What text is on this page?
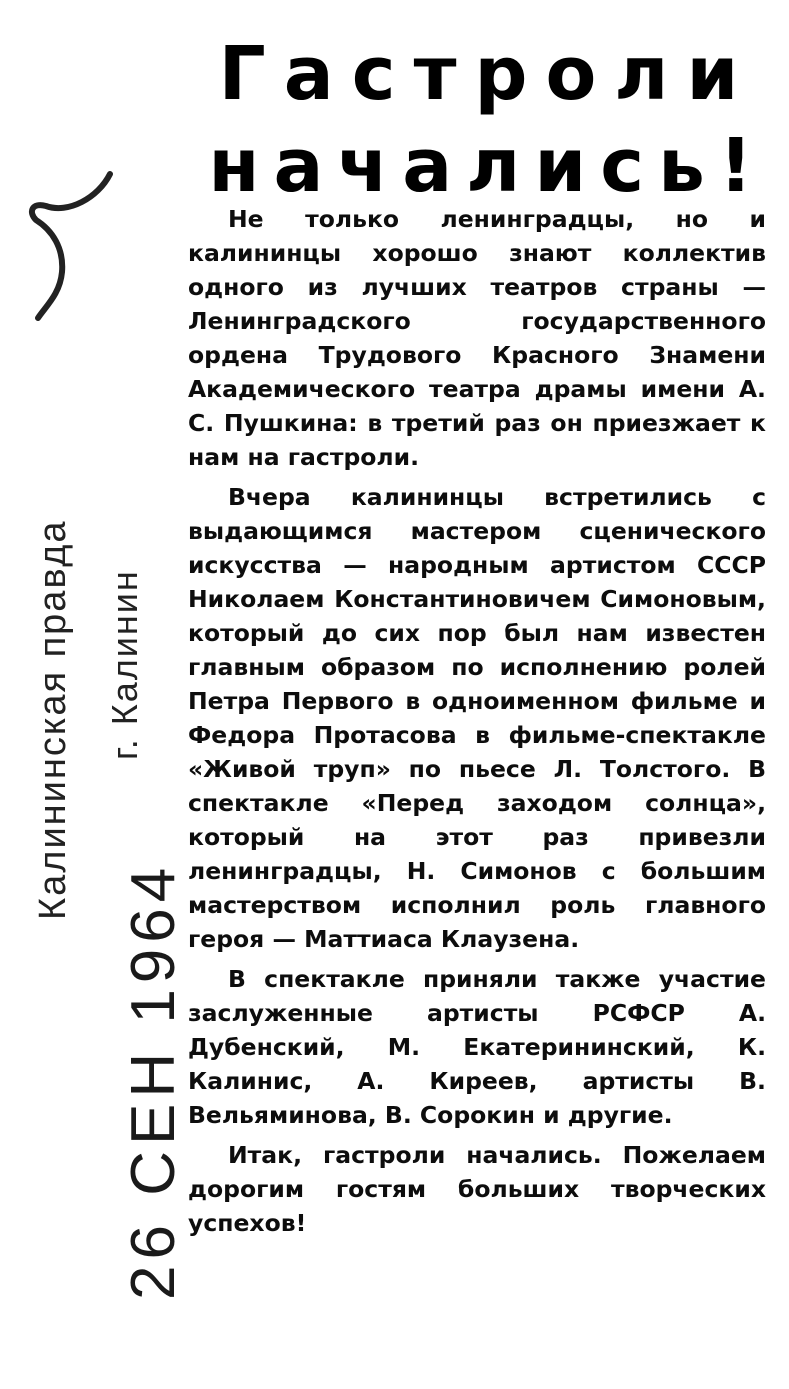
Калининская правда г. Калинин
26 СЕН 1964
Гастроли
начались!

Не только ленинградцы, но и калининцы хорошо знают коллектив одного из лучших театров страны — Ленинградского государственного ордена Трудового Красного Знамени Академического театра драмы имени А. С. Пушкина: в третий раз он приезжает к нам на гастроли.

Вчера калининцы встретились с выдающимся мастером сценического искусства — народным артистом СССР Николаем Константиновичем Симоновым, который до сих пор был нам известен главным образом по исполнению ролей Петра Первого в одноименном фильме и Федора Протасова в фильме-спектакле «Живой труп» по пьесе Л. Толстого. В спектакле «Перед заходом солнца», который на этот раз привезли ленинградцы, Н. Симонов с большим мастерством исполнил роль главного героя — Маттиаса Клаузена.

В спектакле приняли также участие заслуженные артисты РСФСР А. Дубенский, М. Екатерининский, К. Калинис, А. Киреев, артисты В. Вельяминова, В. Сорокин и другие.

Итак, гастроли начались. Пожелаем дорогим гостям больших творческих успехов!
